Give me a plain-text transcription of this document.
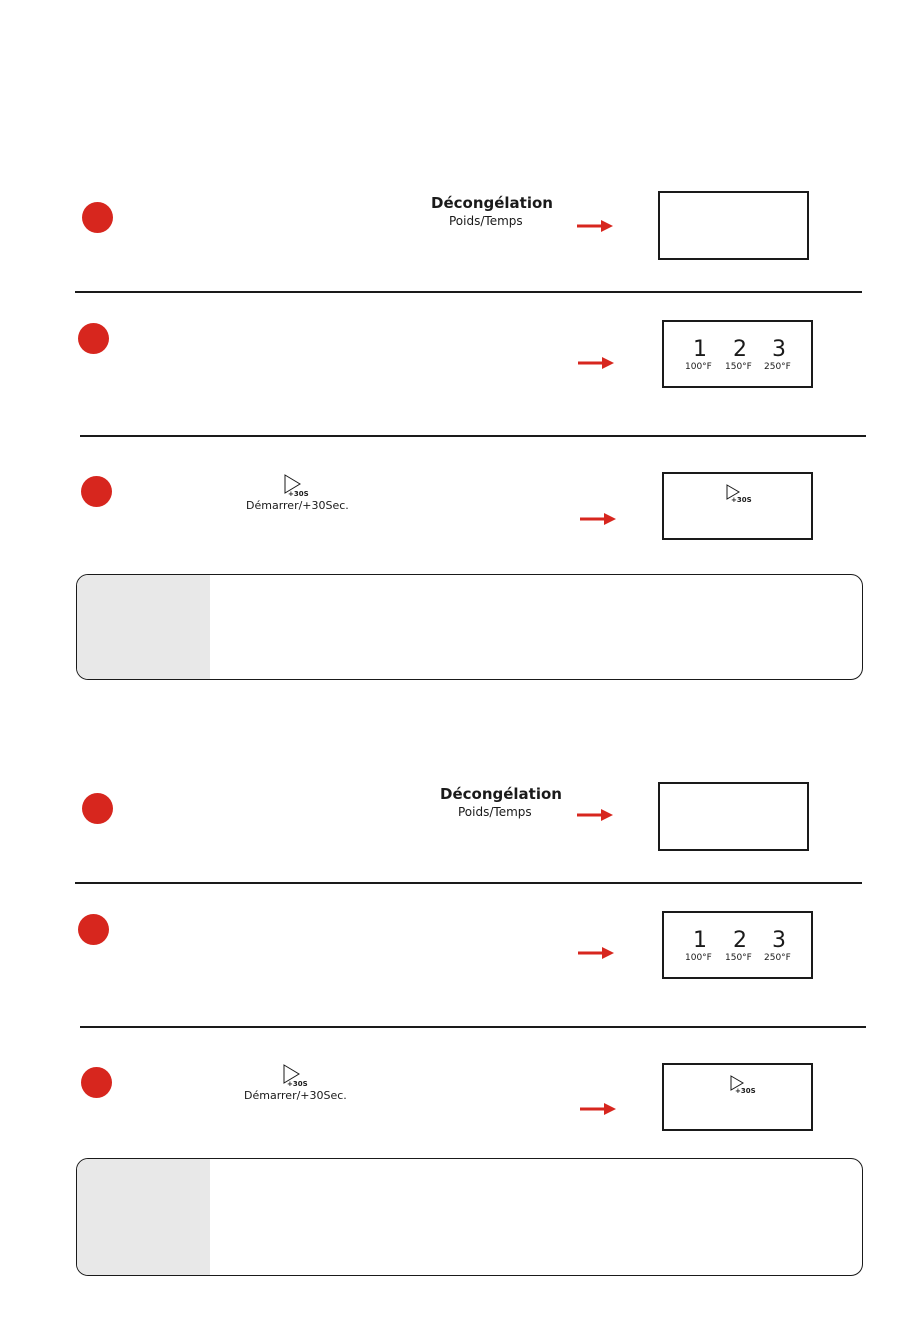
Décongélation
Poids/Temps
1 2 3
100°F 150°F 250°F
+30S
Démarrer/+30Sec.	+30S
Décongélation
Poids/Temps
1 2 3
100°F 150°F 250°F
+30S
Démarrer/+30Sec.	+30S
